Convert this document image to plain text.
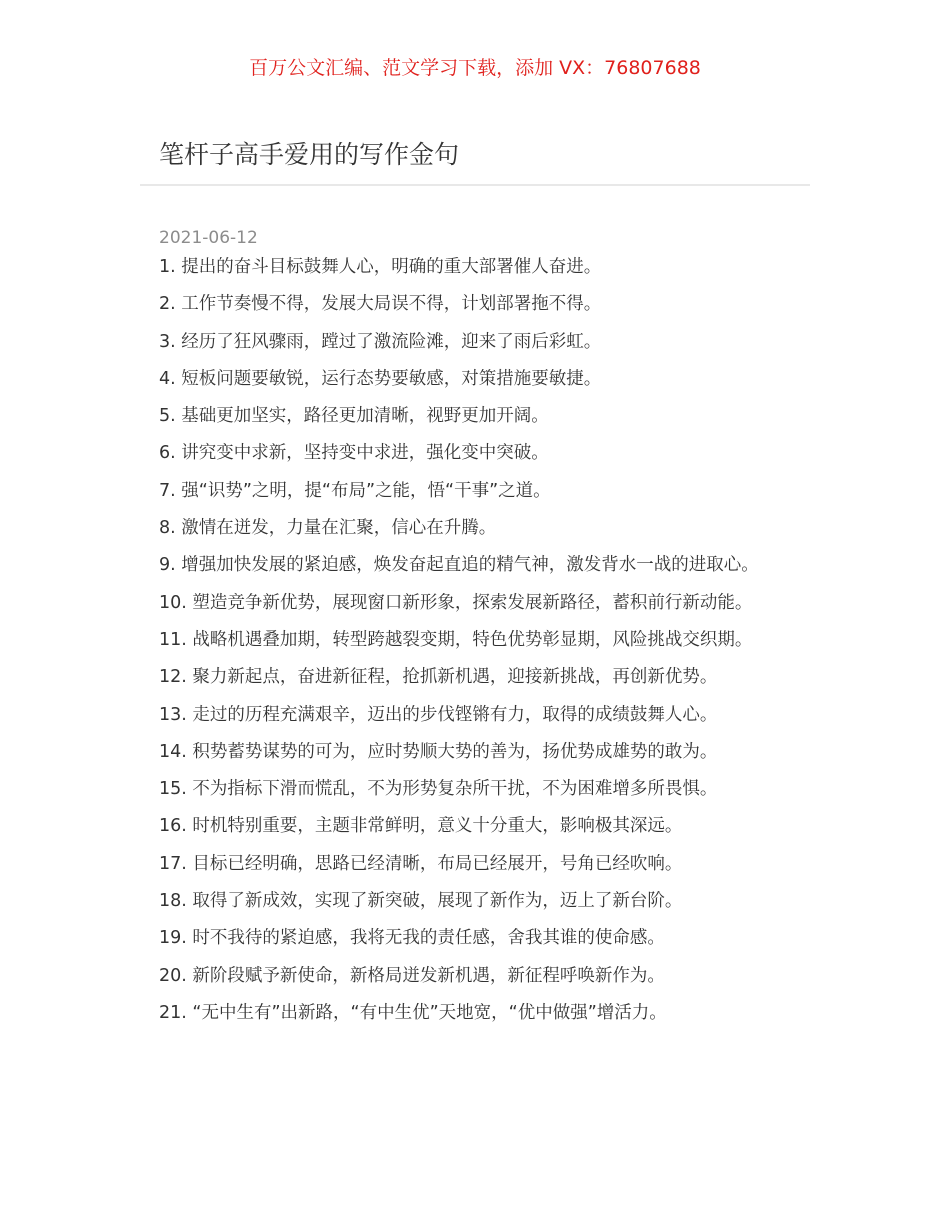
百万公文汇编、范文学习下载，添加 VX：76807688
笔杆子高手爱用的写作金句
2021-06-12
1. 提出的奋斗目标鼓舞人心，明确的重大部署催人奋进。
2. 工作节奏慢不得，发展大局误不得，计划部署拖不得。
3. 经历了狂风骤雨，蹚过了激流险滩，迎来了雨后彩虹。
4. 短板问题要敏锐，运行态势要敏感，对策措施要敏捷。
5. 基础更加坚实，路径更加清晰，视野更加开阔。
6. 讲究变中求新，坚持变中求进，强化变中突破。
7. 强“识势”之明，提“布局”之能，悟“干事”之道。
8. 激情在迸发，力量在汇聚，信心在升腾。
9. 增强加快发展的紧迫感，焕发奋起直追的精气神，激发背水一战的进取心。
10. 塑造竞争新优势，展现窗口新形象，探索发展新路径，蓄积前行新动能。
11. 战略机遇叠加期，转型跨越裂变期，特色优势彰显期，风险挑战交织期。
12. 聚力新起点，奋进新征程，抢抓新机遇，迎接新挑战，再创新优势。
13. 走过的历程充满艰辛，迈出的步伐铿锵有力，取得的成绩鼓舞人心。
14. 积势蓄势谋势的可为，应时势顺大势的善为，扬优势成雄势的敢为。
15. 不为指标下滑而慌乱，不为形势复杂所干扰，不为困难增多所畏惧。
16. 时机特别重要，主题非常鲜明，意义十分重大，影响极其深远。
17. 目标已经明确，思路已经清晰，布局已经展开，号角已经吹响。
18. 取得了新成效，实现了新突破，展现了新作为，迈上了新台阶。
19. 时不我待的紧迫感，我将无我的责任感，舍我其谁的使命感。
20. 新阶段赋予新使命，新格局迸发新机遇，新征程呼唤新作为。
21. “无中生有”出新路，“有中生优”天地宽，“优中做强”增活力。
